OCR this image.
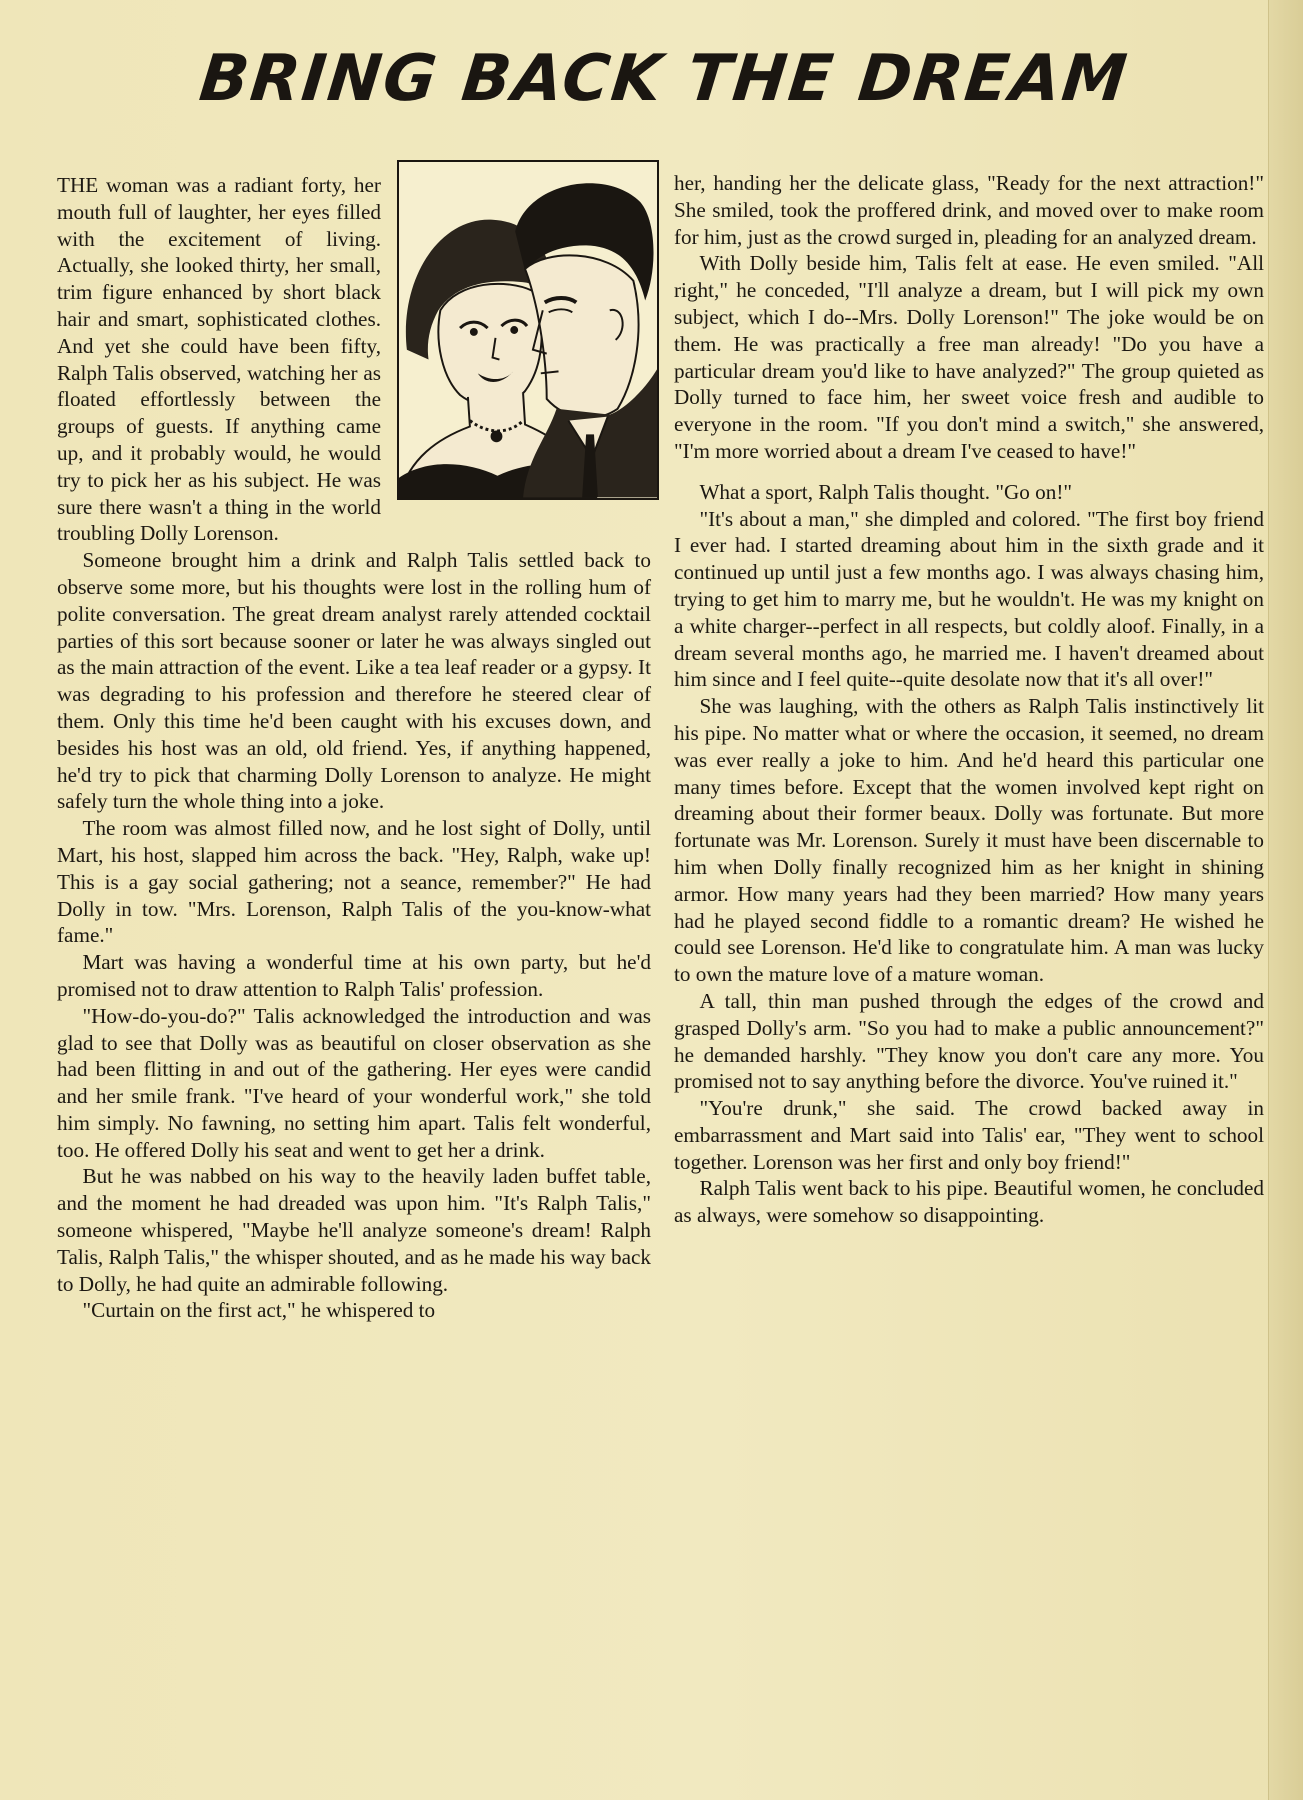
BRING BACK THE DREAM

THE woman was a radiant forty, her mouth full of laughter, her eyes filled with the excitement of living. Actually, she looked thirty, her small, trim figure enhanced by short black hair and smart, sophisticated clothes. And yet she could have been fifty, Ralph Talis observed, watching her as floated effortlessly between the groups of guests. If anything came up, and it probably would, he would try to pick her as his subject. He was sure there wasn't a thing in the world troubling Dolly Lorenson.

Someone brought him a drink and Ralph Talis settled back to observe some more, but his thoughts were lost in the rolling hum of polite conversation. The great dream analyst rarely attended cocktail parties of this sort because sooner or later he was always singled out as the main attraction of the event. Like a tea leaf reader or a gypsy. It was degrading to his profession and therefore he steered clear of them. Only this time he'd been caught with his excuses down, and besides his host was an old, old friend. Yes, if anything happened, he'd try to pick that charming Dolly Lorenson to analyze. He might safely turn the whole thing into a joke.

The room was almost filled now, and he lost sight of Dolly, until Mart, his host, slapped him across the back. "Hey, Ralph, wake up! This is a gay social gathering; not a seance, remember?" He had Dolly in tow. "Mrs. Lorenson, Ralph Talis of the you-know-what fame."

Mart was having a wonderful time at his own party, but he'd promised not to draw attention to Ralph Talis' profession.

"How-do-you-do?" Talis acknowledged the introduction and was glad to see that Dolly was as beautiful on closer observation as she had been flitting in and out of the gathering. Her eyes were candid and her smile frank. "I've heard of your wonderful work," she told him simply. No fawning, no setting him apart. Talis felt wonderful, too. He offered Dolly his seat and went to get her a drink.

But he was nabbed on his way to the heavily laden buffet table, and the moment he had dreaded was upon him. "It's Ralph Talis," someone whispered, "Maybe he'll analyze someone's dream! Ralph Talis, Ralph Talis," the whisper shouted, and as he made his way back to Dolly, he had quite an admirable following.

"Curtain on the first act," he whispered to

her, handing her the delicate glass, "Ready for the next attraction!" She smiled, took the proffered drink, and moved over to make room for him, just as the crowd surged in, pleading for an analyzed dream.

With Dolly beside him, Talis felt at ease. He even smiled. "All right," he conceded, "I'll analyze a dream, but I will pick my own subject, which I do--Mrs. Dolly Lorenson!" The joke would be on them. He was practically a free man already! "Do you have a particular dream you'd like to have analyzed?" The group quieted as Dolly turned to face him, her sweet voice fresh and audible to everyone in the room. "If you don't mind a switch," she answered, "I'm more worried about a dream I've ceased to have!"

What a sport, Ralph Talis thought. "Go on!"

"It's about a man," she dimpled and colored. "The first boy friend I ever had. I started dreaming about him in the sixth grade and it continued up until just a few months ago. I was always chasing him, trying to get him to marry me, but he wouldn't. He was my knight on a white charger--perfect in all respects, but coldly aloof. Finally, in a dream several months ago, he married me. I haven't dreamed about him since and I feel quite--quite desolate now that it's all over!"

She was laughing, with the others as Ralph Talis instinctively lit his pipe. No matter what or where the occasion, it seemed, no dream was ever really a joke to him. And he'd heard this particular one many times before. Except that the women involved kept right on dreaming about their former beaux. Dolly was fortunate. But more fortunate was Mr. Lorenson. Surely it must have been discernable to him when Dolly finally recognized him as her knight in shining armor. How many years had they been married? How many years had he played second fiddle to a romantic dream? He wished he could see Lorenson. He'd like to congratulate him. A man was lucky to own the mature love of a mature woman.

A tall, thin man pushed through the edges of the crowd and grasped Dolly's arm. "So you had to make a public announcement?" he demanded harshly. "They know you don't care any more. You promised not to say anything before the divorce. You've ruined it."

"You're drunk," she said. The crowd backed away in embarrassment and Mart said into Talis' ear, "They went to school together. Lorenson was her first and only boy friend!"

Ralph Talis went back to his pipe. Beautiful women, he concluded as always, were somehow so disappointing.
